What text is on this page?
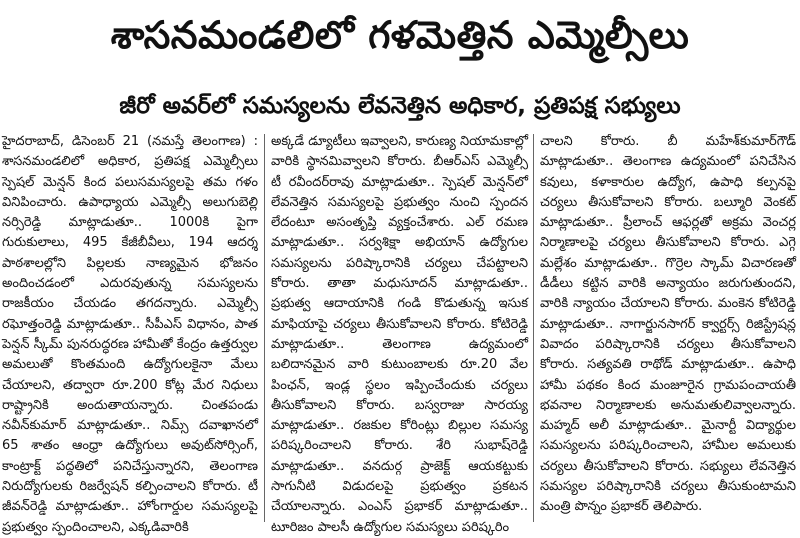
శాసనమండలిలో గళమెత్తిన ఎమ్మెల్సీలు
జీరో అవర్‌లో సమస్యలను లేవనెత్తిన అధికార, ప్రతిపక్ష సభ్యులు
హైదరాబాద్, డిసెంబర్ 21 (నమస్తే తెలంగాణ) : శాసనమండలిలో అధికార, ప్రతిపక్ష ఎమ్మెల్సీలు స్పెషల్ మెన్షన్ కింద పలుసమస్యలపై తమ గళం వినిపించారు. ఉపాధ్యాయ ఎమ్మెల్సీ అలుగుబెల్లి నర్సిరెడ్డి మాట్లాడుతూ.. 1000కి పైగా గురుకులాలు, 495 కేజీబీవీలు, 194 ఆదర్శ పాఠశాలల్లోని పిల్లలకు నాణ్యమైన భోజనం అందించడంలో ఎదురవుతున్న సమస్యలను రాజకీయం చేయడం తగదన్నారు. ఎమ్మెల్సీ రఘోత్తంరెడ్డి మాట్లాడుతూ.. సీపీఎస్ విధానం, పాత పెన్షన్ స్కీమ్ పునరుద్ధరణ హామీతో కేంద్రం ఉత్తర్వుల అమలుతో కొంతమంది ఉద్యోగులకైనా మేలు చేయాలని, తద్వారా రూ.200 కోట్ల మేర నిధులు రాష్ట్రానికి అందుతాయన్నారు. చింతపండు నవీన్‌కుమార్ మాట్లాడుతూ.. నిమ్స్ దవాఖానలో 65 శాతం ఆంధ్రా ఉద్యోగులు అవుట్‌సోర్సింగ్, కాంట్రాక్ట్ పద్ధతిలో పనిచేస్తున్నారని, తెలంగాణ నిరుద్యోగులకు రిజర్వేషన్ కల్పించాలని కోరారు. టీ జీవన్‌రెడ్డి మాట్లాడుతూ.. హోంగార్డుల సమస్యలపై ప్రభుత్వం స్పందించాలని, ఎక్కడివారికి
అక్కడే డ్యూటీలు ఇవ్వాలని, కారుణ్య నియామకాల్లో వారికి స్థానమివ్వాలని కోరారు. బీఆర్ఎస్ ఎమ్మెల్సీ టీ రవీందర్‌రావు మాట్లాడుతూ.. స్పెషల్ మెన్షన్‌లో లేవనెత్తిన సమస్యలపై ప్రభుత్వం నుంచి స్పందన లేదంటూ అసంతృప్తి వ్యక్తంచేశారు. ఎల్ రమణ మాట్లాడుతూ.. సర్వశిక్షా అభియాన్ ఉద్యోగుల సమస్యలను పరిష్కారానికి చర్యలు చేపట్టాలని కోరారు. తాతా మధుసూదన్ మాట్లాడుతూ.. ప్రభుత్వ ఆదాయానికి గండి కొడుతున్న ఇసుక మాఫియాపై చర్యలు తీసుకోవాలని కోరారు. కోటిరెడ్డి మాట్లాడుతూ.. తెలంగాణ ఉద్యమంలో బలిదానమైన వారి కుటుంబాలకు రూ.20 వేల పింఛన్, ఇండ్ల స్థలం ఇప్పించేందుకు చర్యలు తీసుకోవాలని కోరారు. బస్వరాజు సారయ్య మాట్లాడుతూ.. రజకుల కోరింట్లు బిల్లుల సమస్య పరిష్కరించాలని కోరారు. శేరి సుభాష్‌రెడ్డి మాట్లాడుతూ.. వనదుర్గ ప్రాజెక్ట్ ఆయకట్టుకు సాగునీటి విడుదలపై ప్రభుత్వం ప్రకటన చేయాలన్నారు. ఎంఎస్ ప్రభాకర్ మాట్లాడుతూ.. టూరిజం పాలసీ ఉద్యోగుల సమస్యలు పరిష్కరిం
చాలని కోరారు. బీ మహేశ్‌కుమార్‌గౌడ్ మాట్లాడుతూ.. తెలంగాణ ఉద్యమంలో పనిచేసిన కవులు, కళాకారుల ఉద్యోగ, ఉపాధి కల్పనపై చర్యలు తీసుకోవాలని కోరారు. బల్మూరి వెంకట్ మాట్లాడుతూ.. ప్రీలాంచ్ ఆఫర్లతో అక్రమ వెంచర్ల నిర్మాణాలపై చర్యలు తీసుకోవాలని కోరారు. ఎగ్గె మల్లేశం మాట్లాడుతూ.. గొర్రెల స్కామ్ విచారణతో డీడీలు కట్టిన వారికి అన్యాయం జరుగుతుందని, వారికి న్యాయం చేయాలని కోరారు. మంకెన కోటిరెడ్డి మాట్లాడుతూ.. నాగార్జునసాగర్ క్వార్టర్స్ రిజిస్ట్రేషన్ల వివాదం పరిష్కారానికి చర్యలు తీసుకోవాలని కోరారు. సత్యవతి రాథోడ్ మాట్లాడుతూ.. ఉపాధి హామీ పథకం కింద మంజూరైన గ్రామపంచాయతీ భవనాల నిర్మాణాలకు అనుమతులివ్వాలన్నారు. మహ్మద్ అలీ మాట్లాడుతూ.. మైనార్టీ విద్యార్థుల సమస్యలను పరిష్కరించాలని, హామీల అమలుకు చర్యలు తీసుకోవాలని కోరారు. సభ్యులు లేవనెత్తిన సమస్యల పరిష్కారానికి చర్యలు తీసుకుంటామని మంత్రి పొన్నం ప్రభాకర్ తెలిపారు.
